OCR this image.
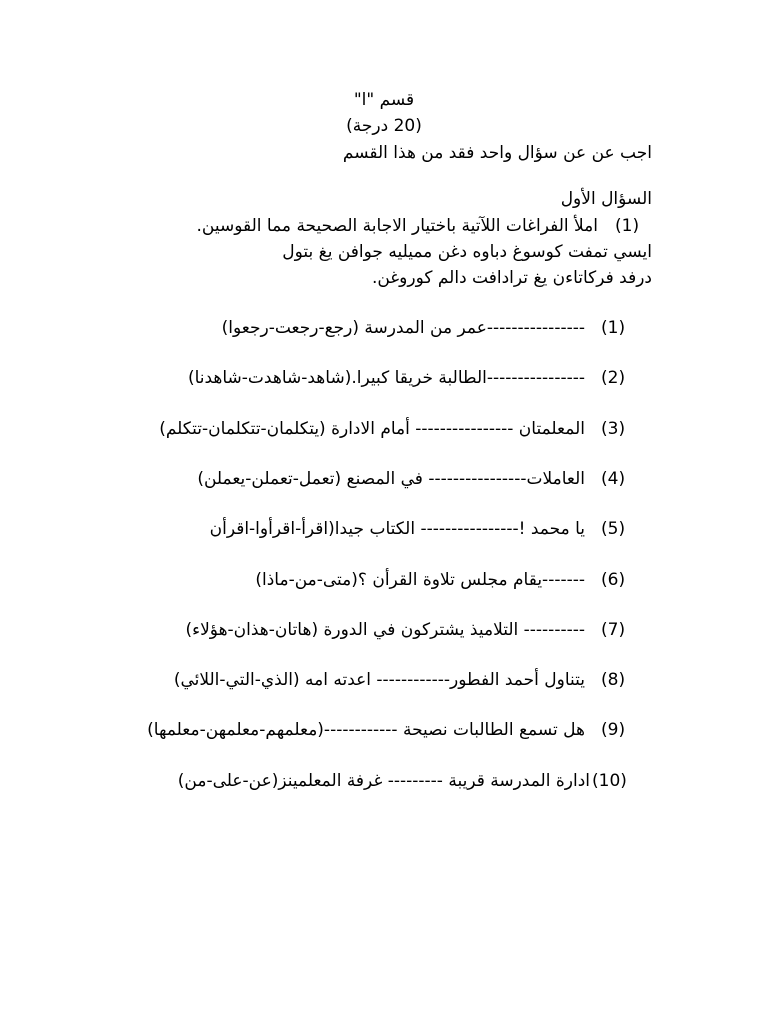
قسم "ا"
(20 درجة)
اجب عن عن سؤال واحد فقد من هذا القسم
السؤال الأول
(1)
املأ الفراغات اللآتية باختيار الاجابة الصحيحة مما القوسين.
ايسي تمفت كوسوغ دباوه دغن مميليه جوافن يغ بتول
درفد فركاتاءن يغ ترادافت دالم كوروغن.
(1)
----------------عمر من المدرسة (رجع-رجعت-رجعوا)
(2)
----------------الطالبة خريقا كبيرا.(شاهد-شاهدت-شاهدنا)
(3)
المعلمتان ---------------- أمام الادارة (يتكلمان-تتكلمان-تتكلم)
(4)
العاملات---------------- في المصنع (تعمل-تعملن-يعملن)
(5)
يا محمد !---------------- الكتاب جيدا(اقرأ-اقرأوا-اقرأن
(6)
-------يقام مجلس تلاوة القرأن ؟(متى-من-ماذا)
(7)
---------- التلاميذ يشتركون في الدورة (هاتان-هذان-هؤلاء)
(8)
يتناول أحمد الفطور------------ اعدته امه (الذي-التي-اللائي)
(9)
هل تسمع الطالبات نصيحة ------------(معلمهم-معلمهن-معلمها)
(10)
ادارة المدرسة قريبة --------- غرفة المعلمينز(عن-على-من)
